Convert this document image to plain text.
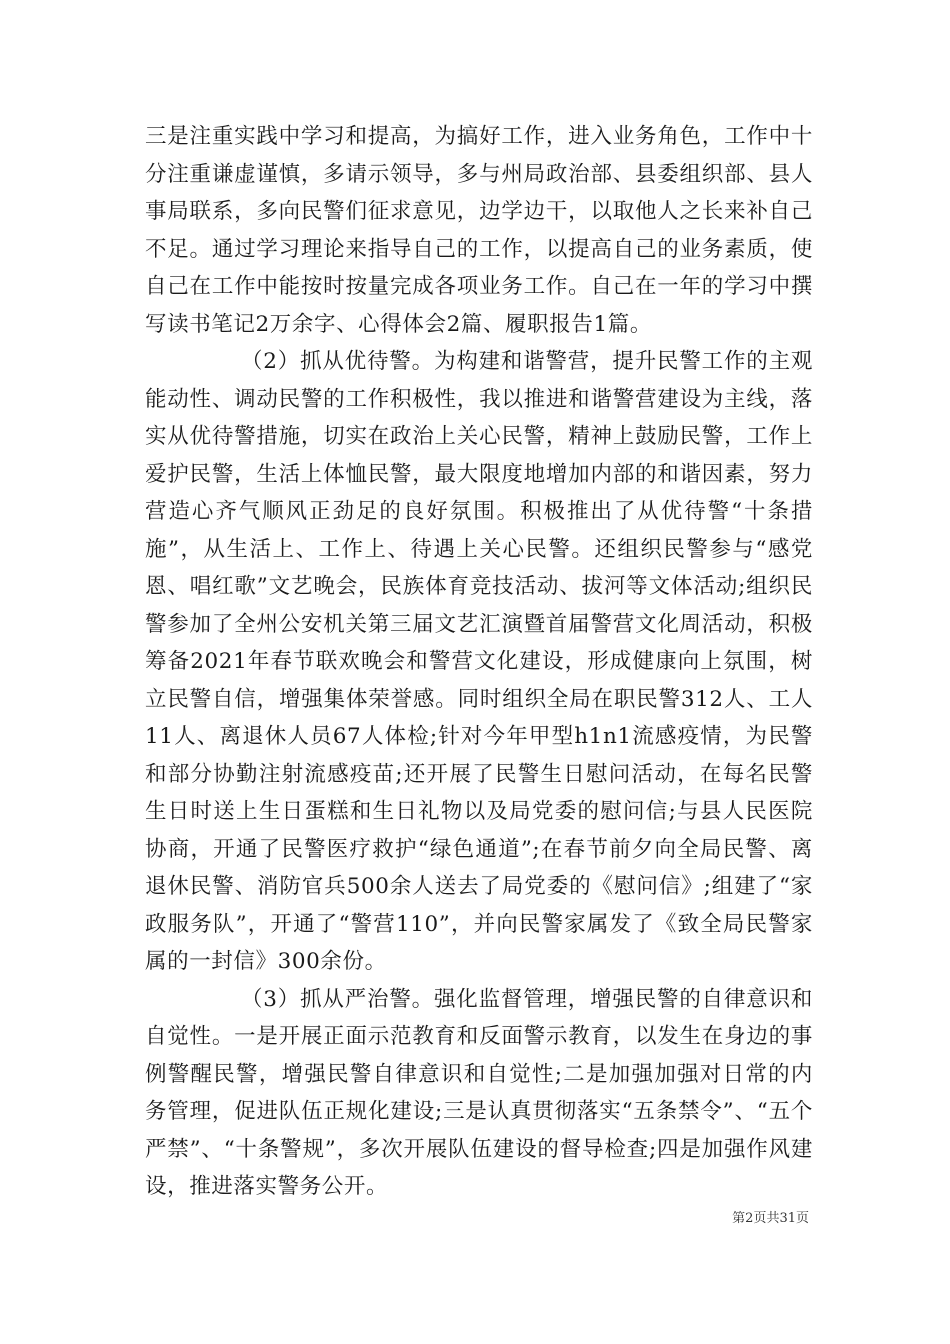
三是注重实践中学习和提高，为搞好工作，进入业务角色，工作中十分注重谦虚谨慎，多请示领导，多与州局政治部、县委组织部、县人事局联系，多向民警们征求意见，边学边干，以取他人之长来补自己不足。通过学习理论来指导自己的工作，以提高自己的业务素质，使自己在工作中能按时按量完成各项业务工作。自己在一年的学习中撰写读书笔记2万余字、心得体会2篇、履职报告1篇。

（2）抓从优待警。为构建和谐警营，提升民警工作的主观能动性、调动民警的工作积极性，我以推进和谐警营建设为主线，落实从优待警措施，切实在政治上关心民警，精神上鼓励民警，工作上爱护民警，生活上体恤民警，最大限度地增加内部的和谐因素，努力营造心齐气顺风正劲足的良好氛围。积极推出了从优待警“十条措施”，从生活上、工作上、待遇上关心民警。还组织民警参与“感党恩、唱红歌”文艺晚会，民族体育竞技活动、拔河等文体活动;组织民警参加了全州公安机关第三届文艺汇演暨首届警营文化周活动，积极筹备2021年春节联欢晚会和警营文化建设，形成健康向上氛围，树立民警自信，增强集体荣誉感。同时组织全局在职民警312人、工人11人、离退休人员67人体检;针对今年甲型h1n1流感疫情，为民警和部分协勤注射流感疫苗;还开展了民警生日慰问活动，在每名民警生日时送上生日蛋糕和生日礼物以及局党委的慰问信;与县人民医院协商，开通了民警医疗救护“绿色通道”;在春节前夕向全局民警、离退休民警、消防官兵500余人送去了局党委的《慰问信》;组建了“家政服务队”，开通了“警营110”，并向民警家属发了《致全局民警家属的一封信》300余份。

（3）抓从严治警。强化监督管理，增强民警的自律意识和自觉性。一是开展正面示范教育和反面警示教育，以发生在身边的事例警醒民警，增强民警自律意识和自觉性;二是加强加强对日常的内务管理，促进队伍正规化建设;三是认真贯彻落实“五条禁令”、“五个严禁”、“十条警规”，多次开展队伍建设的督导检查;四是加强作风建设，推进落实警务公开。

第2页共31页
